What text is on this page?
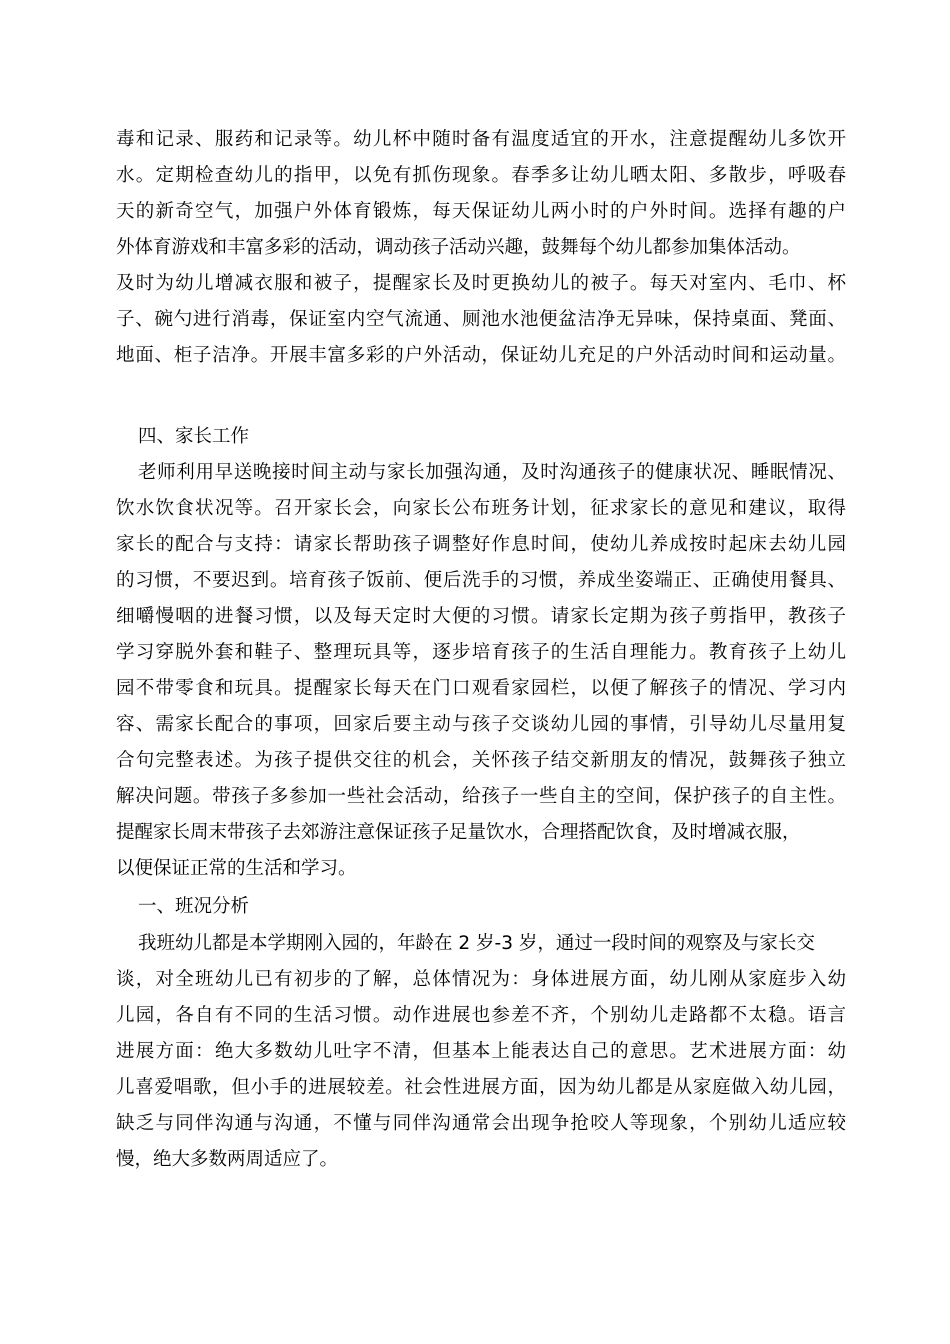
毒和记录、服药和记录等。幼儿杯中随时备有温度适宜的开水，注意提醒幼儿多饮开
水。定期检查幼儿的指甲，以免有抓伤现象。春季多让幼儿晒太阳、多散步，呼吸春
天的新奇空气，加强户外体育锻炼，每天保证幼儿两小时的户外时间。选择有趣的户
外体育游戏和丰富多彩的活动，调动孩子活动兴趣，鼓舞每个幼儿都参加集体活动。
及时为幼儿增减衣服和被子，提醒家长及时更换幼儿的被子。每天对室内、毛巾、杯
子、碗勺进行消毒，保证室内空气流通、厕池水池便盆洁净无异味，保持桌面、凳面、
地面、柜子洁净。开展丰富多彩的户外活动，保证幼儿充足的户外活动时间和运动量。
四、家长工作
老师利用早送晚接时间主动与家长加强沟通，及时沟通孩子的健康状况、睡眠情况、
饮水饮食状况等。召开家长会，向家长公布班务计划，征求家长的意见和建议，取得
家长的配合与支持：请家长帮助孩子调整好作息时间，使幼儿养成按时起床去幼儿园
的习惯，不要迟到。培育孩子饭前、便后洗手的习惯，养成坐姿端正、正确使用餐具、
细嚼慢咽的进餐习惯，以及每天定时大便的习惯。请家长定期为孩子剪指甲，教孩子
学习穿脱外套和鞋子、整理玩具等，逐步培育孩子的生活自理能力。教育孩子上幼儿
园不带零食和玩具。提醒家长每天在门口观看家园栏，以便了解孩子的情况、学习内
容、需家长配合的事项，回家后要主动与孩子交谈幼儿园的事情，引导幼儿尽量用复
合句完整表述。为孩子提供交往的机会，关怀孩子结交新朋友的情况，鼓舞孩子独立
解决问题。带孩子多参加一些社会活动，给孩子一些自主的空间，保护孩子的自主性。
提醒家长周末带孩子去郊游注意保证孩子足量饮水，合理搭配饮食，及时增减衣服，
以便保证正常的生活和学习。
一、班况分析
我班幼儿都是本学期刚入园的，年龄在 2 岁-3 岁，通过一段时间的观察及与家长交
谈，对全班幼儿已有初步的了解，总体情况为：身体进展方面，幼儿刚从家庭步入幼
儿园，各自有不同的生活习惯。动作进展也参差不齐，个别幼儿走路都不太稳。语言
进展方面：绝大多数幼儿吐字不清，但基本上能表达自己的意思。艺术进展方面：幼
儿喜爱唱歌，但小手的进展较差。社会性进展方面，因为幼儿都是从家庭做入幼儿园，
缺乏与同伴沟通与沟通，不懂与同伴沟通常会出现争抢咬人等现象，个别幼儿适应较
慢，绝大多数两周适应了。
